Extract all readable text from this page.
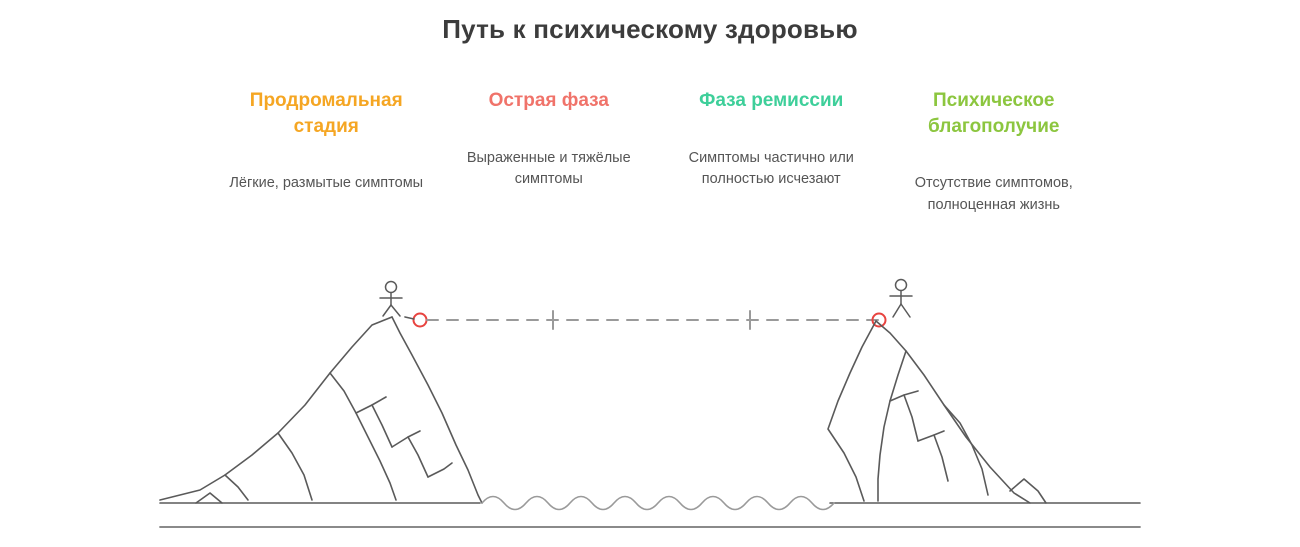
Путь к психическому здоровью
Продромальная стадия
Лёгкие, размытые симптомы
Острая фаза
Выраженные и тяжёлые симптомы
Фаза ремиссии
Симптомы частично или полностью исчезают
Психическое благополучие
Отсутствие симптомов, полноценная жизнь
